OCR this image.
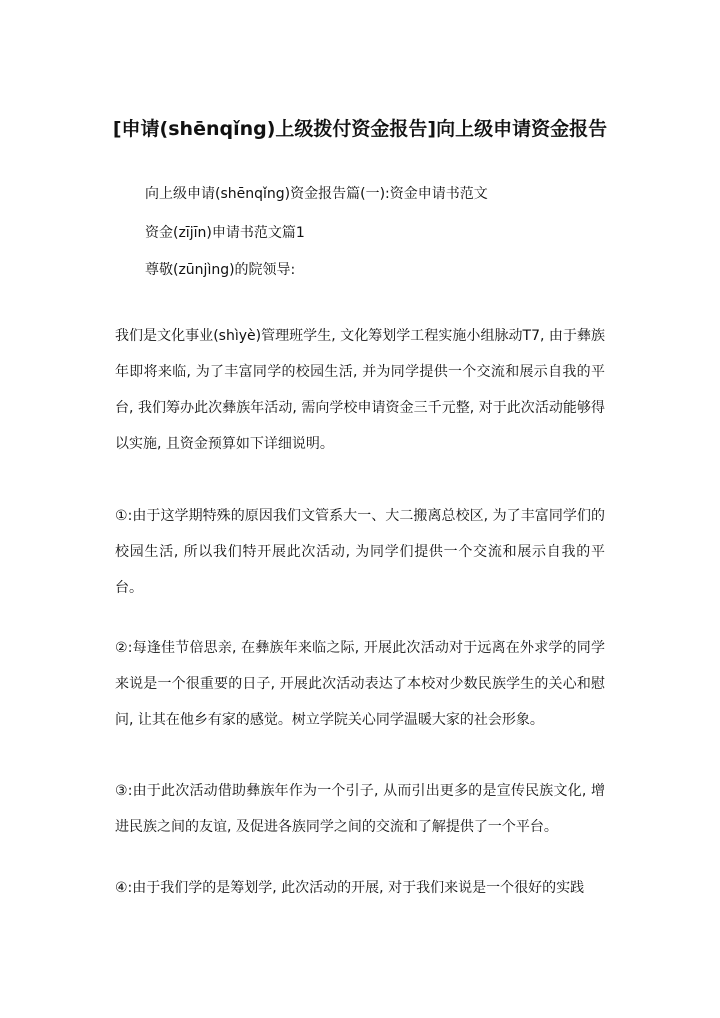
[申请(shēnqǐng)上级拨付资金报告]向上级申请资金报告
向上级申请(shēnqǐng)资金报告篇(一):资金申请书范文
资金(zījīn)申请书范文篇1
尊敬(zūnjìng)的院领导:
我们是文化事业(shìyè)管理班学生, 文化筹划学工程实施小组脉动T7, 由于彝族年即将来临, 为了丰富同学的校园生活, 并为同学提供一个交流和展示自我的平台, 我们筹办此次彝族年活动, 需向学校申请资金三千元整, 对于此次活动能够得以实施, 且资金预算如下详细说明。
①:由于这学期特殊的原因我们文管系大一、大二搬离总校区, 为了丰富同学们的校园生活, 所以我们特开展此次活动, 为同学们提供一个交流和展示自我的平台。
②:每逢佳节倍思亲, 在彝族年来临之际, 开展此次活动对于远离在外求学的同学来说是一个很重要的日子, 开展此次活动表达了本校对少数民族学生的关心和慰问, 让其在他乡有家的感觉。树立学院关心同学温暖大家的社会形象。
③:由于此次活动借助彝族年作为一个引子, 从而引出更多的是宣传民族文化, 增进民族之间的友谊, 及促进各族同学之间的交流和了解提供了一个平台。
④:由于我们学的是筹划学, 此次活动的开展, 对于我们来说是一个很好的实践
